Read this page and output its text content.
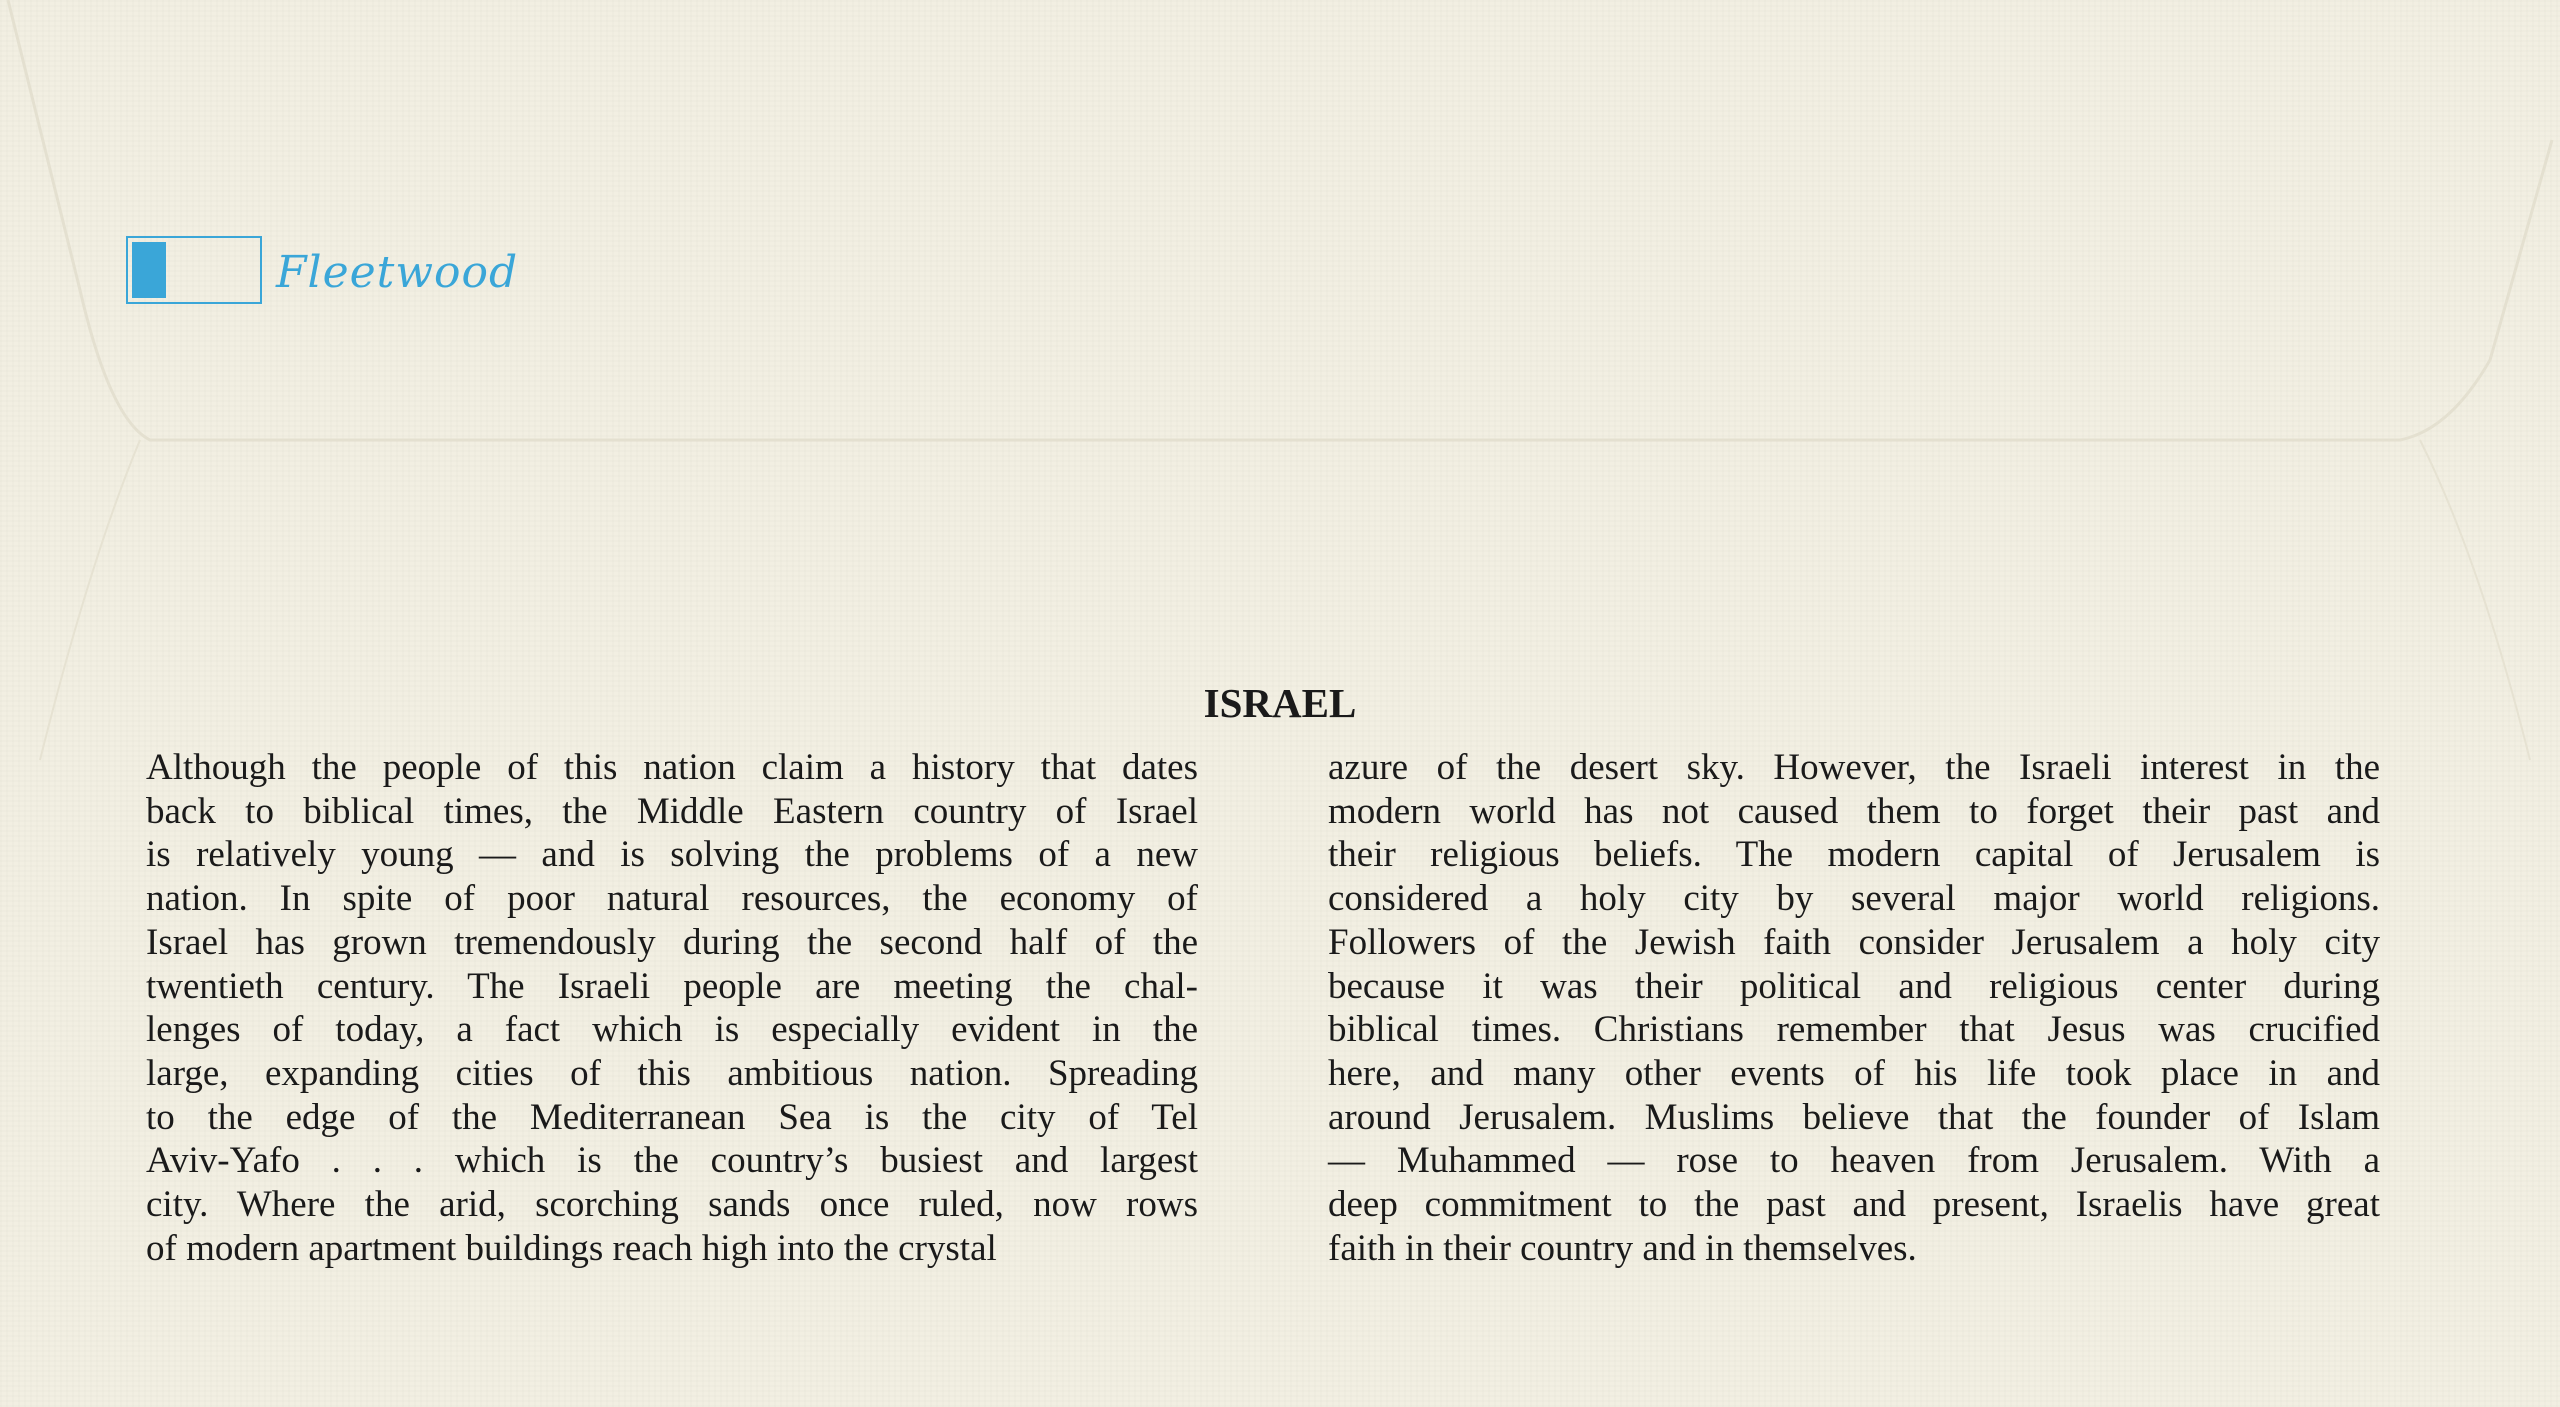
Fleetwood
ISRAEL
Although the people of this nation claim a history that dates
back to biblical times, the Middle Eastern country of Israel
is relatively young — and is solving the problems of a new
nation. In spite of poor natural resources, the economy of
Israel has grown tremendously during the second half of the
twentieth century. The Israeli people are meeting the chal-
lenges of today, a fact which is especially evident in the
large, expanding cities of this ambitious nation. Spreading
to the edge of the Mediterranean Sea is the city of Tel
Aviv-Yafo . . . which is the country’s busiest and largest
city. Where the arid, scorching sands once ruled, now rows
of modern apartment buildings reach high into the crystal
azure of the desert sky. However, the Israeli interest in the
modern world has not caused them to forget their past and
their religious beliefs. The modern capital of Jerusalem is
considered a holy city by several major world religions.
Followers of the Jewish faith consider Jerusalem a holy city
because it was their political and religious center during
biblical times. Christians remember that Jesus was crucified
here, and many other events of his life took place in and
around Jerusalem. Muslims believe that the founder of Islam
— Muhammed — rose to heaven from Jerusalem. With a
deep commitment to the past and present, Israelis have great
faith in their country and in themselves.
